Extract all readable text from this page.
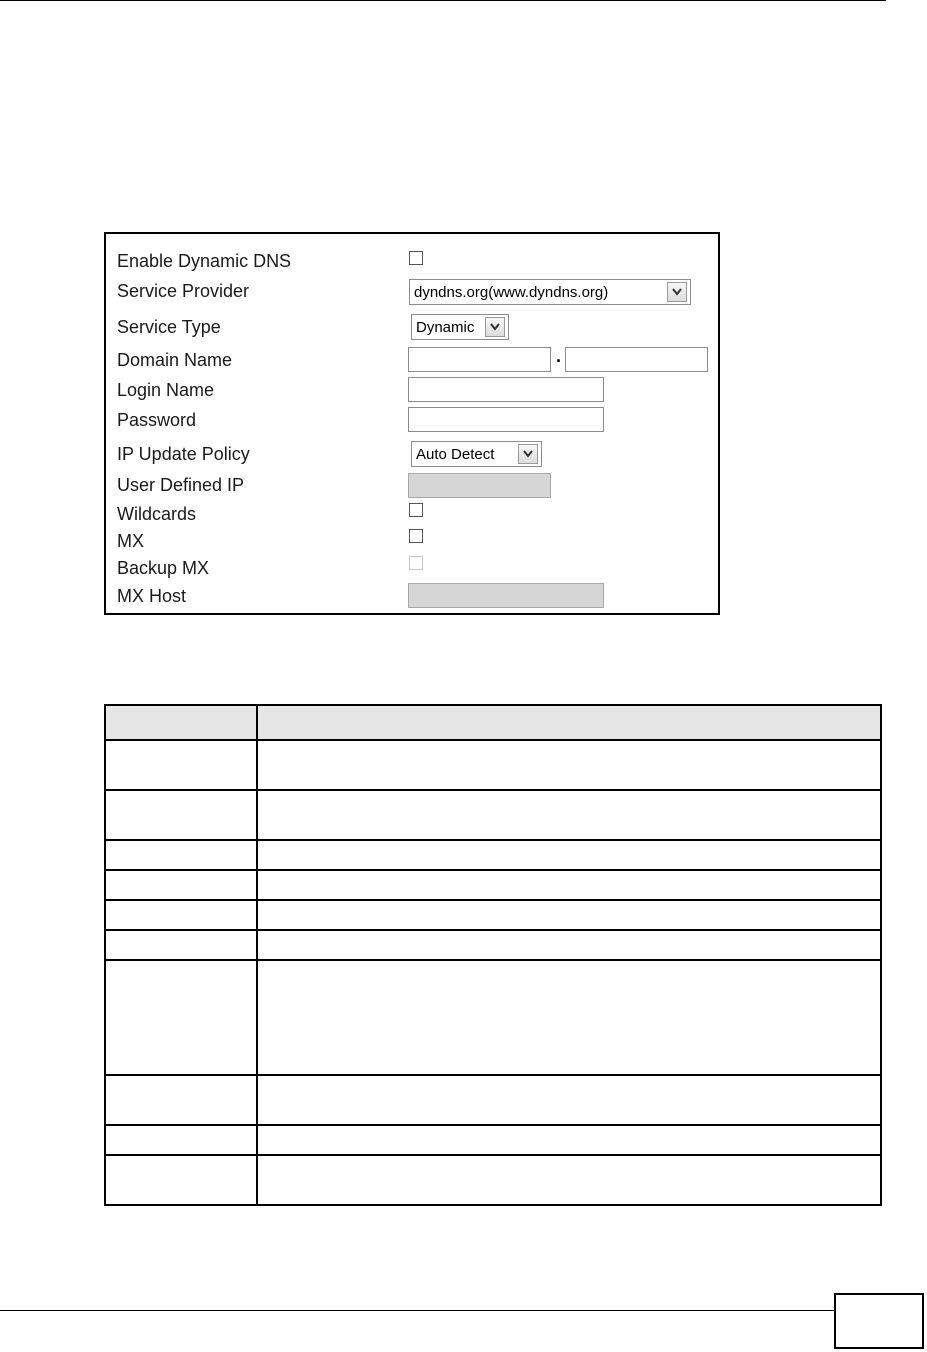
Enable Dynamic DNS
Service Provider	dyndns.org(www.dyndns.org)
Service Type	Dynamic
Domain Name	.
Login Name
Password
IP Update Policy	Auto Detect
User Defined IP
Wildcards
MX
Backup MX
MX Host
